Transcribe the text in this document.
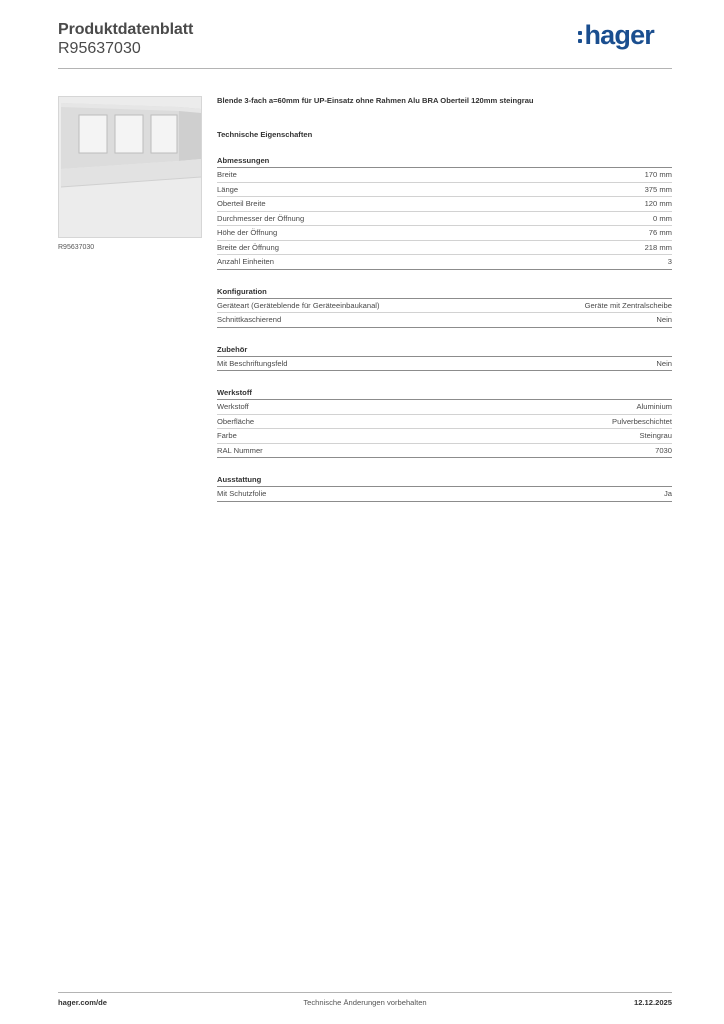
Produktdatenblatt
R95637030	hager
R95637030
Blende 3-fach a=60mm für UP-Einsatz ohne Rahmen Alu BRA Oberteil 120mm steingrau
Technische Eigenschaften
Abmessungen
Breite	170 mm
Länge	375 mm
Oberteil Breite	120 mm
Durchmesser der Öffnung	0 mm
Höhe der Öffnung	76 mm
Breite der Öffnung	218 mm
Anzahl Einheiten	3
Konfiguration
Geräteart (Geräteblende für Geräteeinbaukanal)	Geräte mit Zentralscheibe
Schnittkaschierend	Nein
Zubehör
Mit Beschriftungsfeld	Nein
Werkstoff
Werkstoff	Aluminium
Oberfläche	Pulverbeschichtet
Farbe	Steingrau
RAL Nummer	7030
Ausstattung
Mit Schutzfolie	Ja
Technische Änderungen vorbehalten
hager.com/de	12.12.2025
